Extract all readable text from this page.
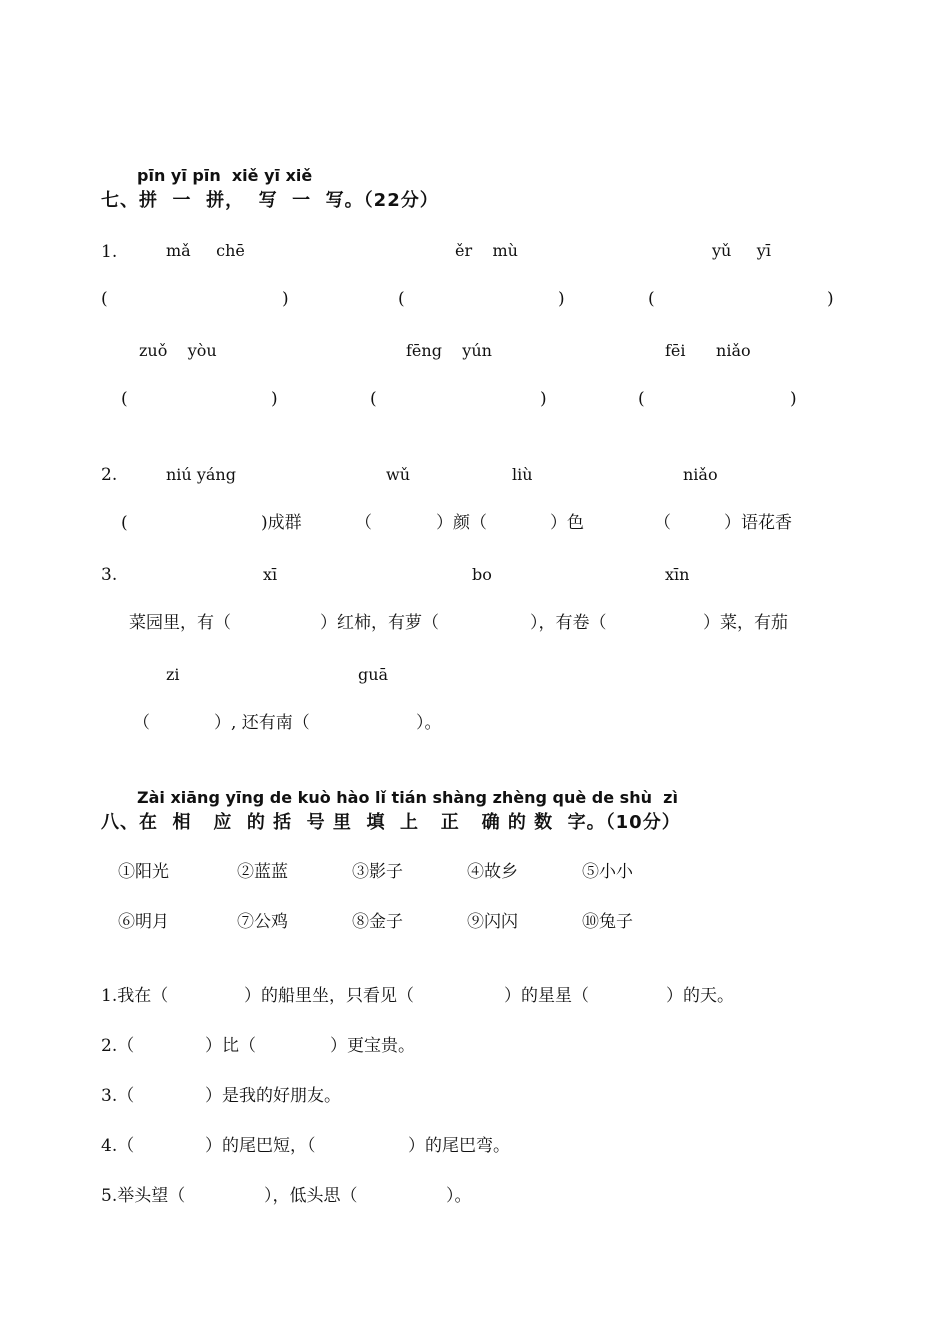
pīn yī pīn  xiě yī xiě
七、拼  一  拼，  写  一  写。（22分）
1.	mǎ     chē	ěr    mù	yǔ     yī
(	)	(	)	(	)
zuǒ    yòu	fēng    yún	fēi      niǎo
(	)	(	)	(	)
2.	niú yáng	wǔ	liù	niǎo
(	)成群	（	）颜（	）色	（	）语花香
3.	xī	bo	xīn
菜园里，有（	）红柿，有萝（	），有卷（	）菜，有茄
zi	guā
（	）, 还有南（	）。
Zài xiāng yīng de kuò hào lǐ tián shàng zhèng què de shù  zì
八、在  相   应  的 括  号 里  填  上   正   确 的 数  字。（10分）
①阳光	②蓝蓝	③影子	④故乡	⑤小小
⑥明月	⑦公鸡	⑧金子	⑨闪闪	⑩兔子
1.我在（	）的船里坐，只看见（	）的星星（	）的天。
2.（	）比（	）更宝贵。
3.（	）是我的好朋友。
4.（	）的尾巴短，（	）的尾巴弯。
5.举头望（	），低头思（	）。
